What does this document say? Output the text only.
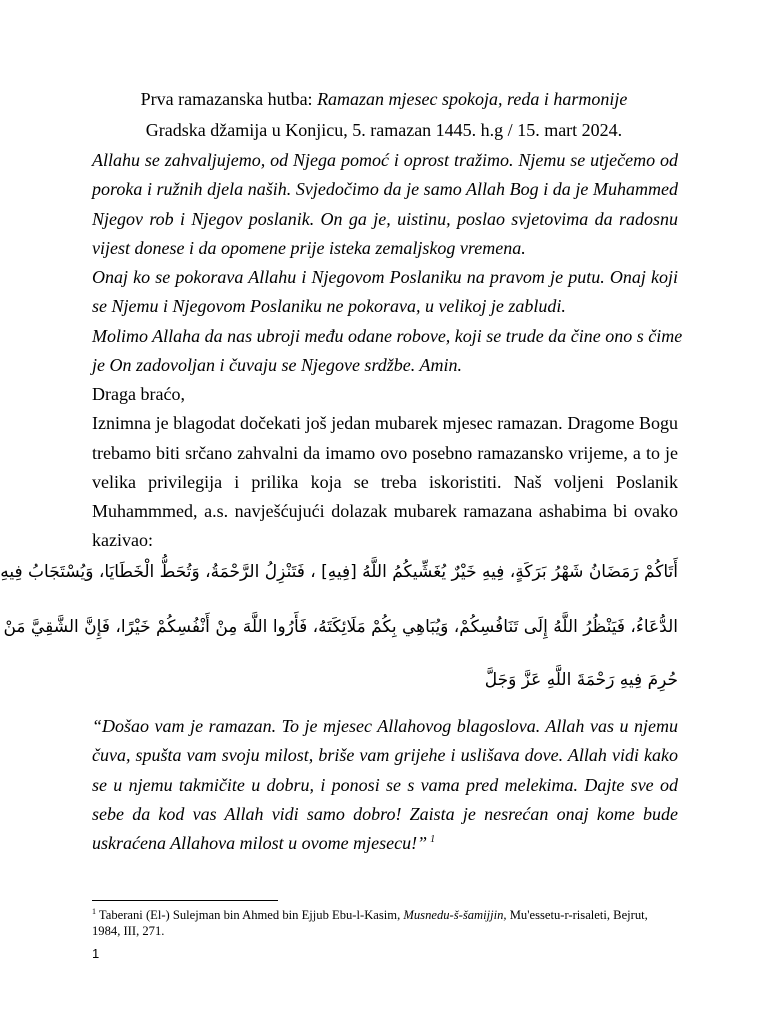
Prva ramazanska hutba: Ramazan mjesec spokoja, reda i harmonije
Gradska džamija u Konjicu, 5. ramazan 1445. h.g / 15. mart 2024.
Allahu se zahvaljujemo, od Njega pomoć i oprost tražimo. Njemu se utječemo od
poroka i ružnih djela naših. Svjedočimo da je samo Allah Bog i da je Muhammed
Njegov rob i Njegov poslanik. On ga je, uistinu, poslao svjetovima da radosnu
vijest donese i da opomene prije isteka zemaljskog vremena.
Onaj ko se pokorava Allahu i Njegovom Poslaniku na pravom je putu. Onaj koji
se Njemu i Njegovom Poslaniku ne pokorava, u velikoj je zabludi.
Molimo Allaha da nas ubroji među odane robove, koji se trude da čine ono s čime
je On zadovoljan i čuvaju se Njegove srdžbe. Amin.
Draga braćo,
Iznimna je blagodat dočekati još jedan mubarek mjesec ramazan. Dragome Bogu
trebamo biti srčano zahvalni da imamo ovo posebno ramazansko vrijeme, a to je
velika privilegija i prilika koja se treba iskoristiti. Naš voljeni Poslanik
Muhammmed, a.s. navješćujući dolazak mubarek ramazana ashabima bi ovako
kazivao:
أَتَاكُمْ رَمَضَانُ شَهْرُ بَرَكَةٍ، فِيهِ خَيْرٌ يُغَشِّيكُمُ اللَّهُ [فِيهِ] ، فَتَنْزِلُ الرَّحْمَةُ، وَتُحَطُّ الْخَطَايَا، وَيُسْتَجَابُ فِيهِ
الدُّعَاءُ، فَيَنْظُرُ اللَّهُ إِلَى تَنَافُسِكُمْ، وَيُبَاهِي بِكُمْ مَلَائِكَتَهُ، فَأَرُوا اللَّهَ مِنْ أَنْفُسِكُمْ خَيْرًا، فَإِنَّ الشَّقِيَّ مَنْ
حُرِمَ فِيهِ رَحْمَةَ اللَّهِ عَزَّ وَجَلَّ
“Došao vam je ramazan. To je mjesec Allahovog blagoslova. Allah vas u njemu
čuva, spušta vam svoju milost, briše vam grijehe i uslišava dove. Allah vidi kako
se u njemu takmičite u dobru, i ponosi se s vama pred melekima. Dajte sve od
sebe da kod vas Allah vidi samo dobro! Zaista je nesrećan onaj kome bude
uskraćena Allahova milost u ovome mjesecu!” $^1$
$^1$ Taberani (El-) Sulejman bin Ahmed bin Ejjub Ebu-l-Kasim, Musnedu-š-šamijjin, Mu'essetu-r-risaleti, Bejrut,
1984, III, 271.
1
